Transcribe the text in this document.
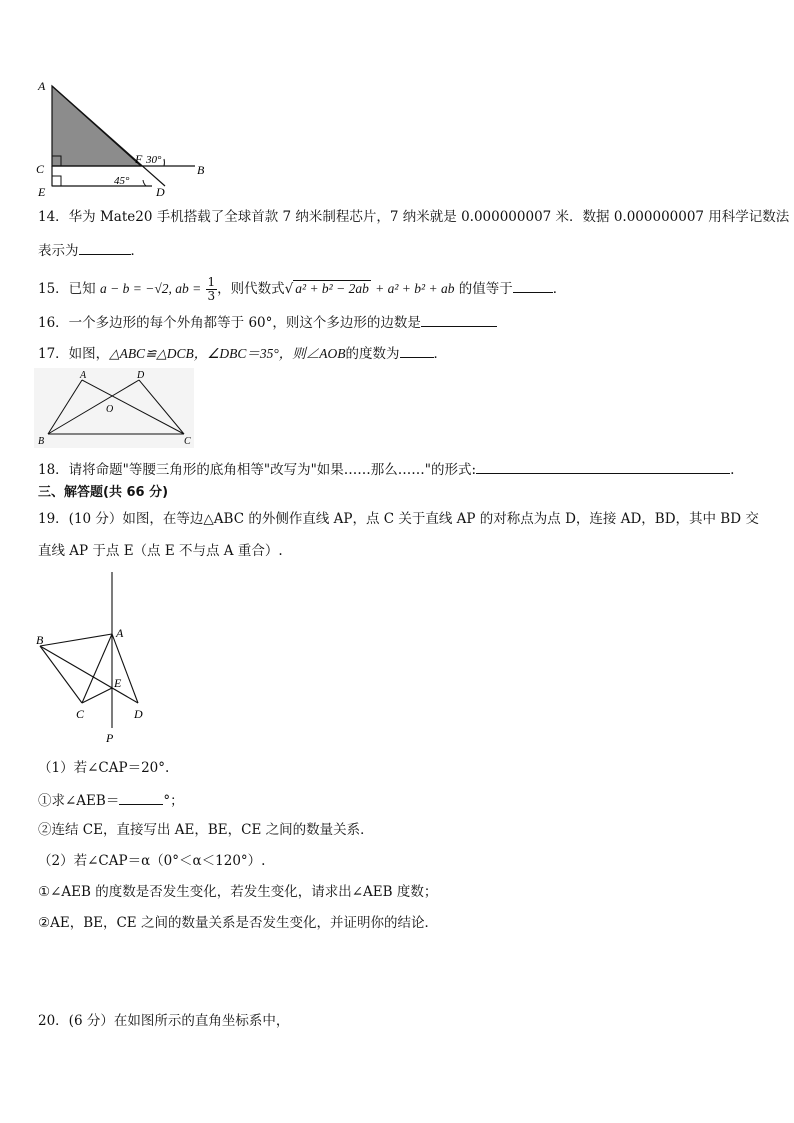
A
C
E
F 30°
B
45°
D
14．华为 Mate20 手机搭载了全球首款 7 纳米制程芯片，7 纳米就是 0.000000007 米．数据 0.000000007 用科学记数法
表示为	．
15．已知 a − b = −√2, ab = $\frac{1}{3}$ ，则代数式√ a² + b² − 2ab + a² + b² + ab 的值等于	．
16．一个多边形的每个外角都等于 60°，则这个多边形的边数是
17．如图，△ABC≌△DCB，∠DBC＝35°，则∠AOB的度数为	．
A	D
O
B	C
18．请将命题"等腰三角形的底角相等"改写为"如果……那么……"的形式:	.
三、解答题(共 66 分)
19．(10 分）如图，在等边△ABC 的外侧作直线 AP，点 C 关于直线 AP 的对称点为点 D，连接 AD，BD，其中 BD 交
直线 AP 于点 E（点 E 不与点 A 重合）.
A
B
E
C	D
P
（1）若∠CAP＝20°.
①求∠AEB＝	°；
②连结 CE，直接写出 AE，BE，CE 之间的数量关系．
（2）若∠CAP＝α（0°＜α＜120°）.
①∠AEB 的度数是否发生变化，若发生变化，请求出∠AEB 度数；
②AE，BE，CE 之间的数量关系是否发生变化，并证明你的结论．
20．(6 分）在如图所示的直角坐标系中，
